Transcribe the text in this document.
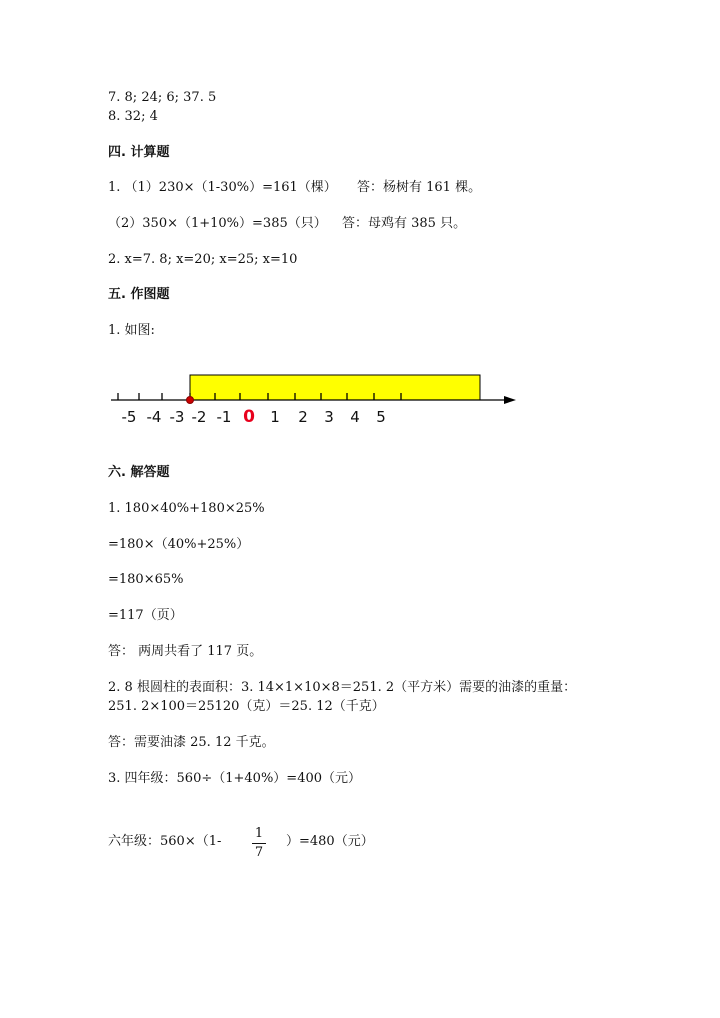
7. 8; 24; 6; 37. 5
8. 32; 4
四. 计算题
1. （1）230×（1-30%）=161（棵） 答：杨树有 161 棵。
（2）350×（1+10%）=385（只） 答：母鸡有 385 只。
2. x=7. 8; x=20; x=25; x=10
五. 作图题
1. 如图:
-5 -4 -3 -2 -1 0 1 2 3 4 5
六. 解答题
1. 180×40%+180×25%
=180×（40%+25%）
=180×65%
=117（页）
答： 两周共看了 117 页。
2. 8 根圆柱的表面积：3. 14×1×10×8＝251. 2（平方米）需要的油漆的重量：
251. 2×100＝25120（克）＝25. 12（千克）
答：需要油漆 25. 12 千克。
3. 四年级：560÷（1+40%）=400（元）
六年级：560×（1-
1
7
）=480（元）
